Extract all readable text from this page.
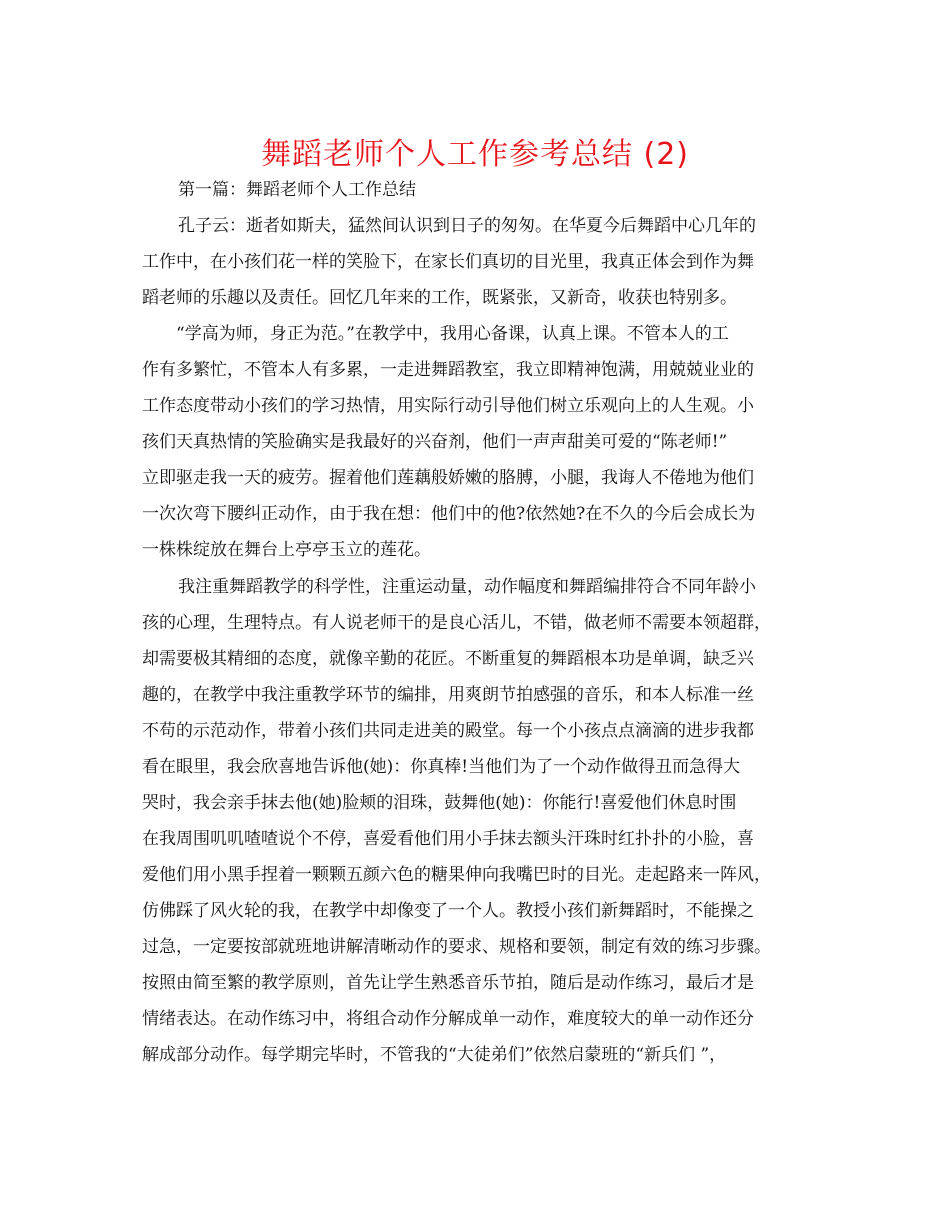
舞蹈老师个人工作参考总结 (2)
第一篇：舞蹈老师个人工作总结
孔子云：逝者如斯夫，猛然间认识到日子的匆匆。在华夏今后舞蹈中心几年的
工作中，在小孩们花一样的笑脸下，在家长们真切的目光里，我真正体会到作为舞
蹈老师的乐趣以及责任。回忆几年来的工作，既紧张，又新奇，收获也特别多。
“学高为师，身正为范。”在教学中，我用心备课，认真上课。不管本人的工
作有多繁忙，不管本人有多累，一走进舞蹈教室，我立即精神饱满，用兢兢业业的
工作态度带动小孩们的学习热情，用实际行动引导他们树立乐观向上的人生观。小
孩们天真热情的笑脸确实是我最好的兴奋剂，他们一声声甜美可爱的“陈老师!”
立即驱走我一天的疲劳。握着他们莲藕般娇嫩的胳膊，小腿，我诲人不倦地为他们
一次次弯下腰纠正动作，由于我在想：他们中的他?依然她?在不久的今后会成长为
一株株绽放在舞台上亭亭玉立的莲花。
我注重舞蹈教学的科学性，注重运动量，动作幅度和舞蹈编排符合不同年龄小
孩的心理，生理特点。有人说老师干的是良心活儿，不错，做老师不需要本领超群，
却需要极其精细的态度，就像辛勤的花匠。不断重复的舞蹈根本功是单调，缺乏兴
趣的，在教学中我注重教学环节的编排，用爽朗节拍感强的音乐，和本人标准一丝
不苟的示范动作，带着小孩们共同走进美的殿堂。每一个小孩点点滴滴的进步我都
看在眼里，我会欣喜地告诉他(她)：你真棒!当他们为了一个动作做得丑而急得大
哭时，我会亲手抹去他(她)脸颊的泪珠，鼓舞他(她)：你能行!喜爱他们休息时围
在我周围叽叽喳喳说个不停，喜爱看他们用小手抹去额头汗珠时红扑扑的小脸，喜
爱他们用小黑手捏着一颗颗五颜六色的糖果伸向我嘴巴时的目光。走起路来一阵风，
仿佛踩了风火轮的我，在教学中却像变了一个人。教授小孩们新舞蹈时，不能操之
过急，一定要按部就班地讲解清晰动作的要求、规格和要领，制定有效的练习步骤。
按照由简至繁的教学原则，首先让学生熟悉音乐节拍，随后是动作练习，最后才是
情绪表达。在动作练习中，将组合动作分解成单一动作，难度较大的单一动作还分
解成部分动作。每学期完毕时，不管我的“大徒弟们”依然启蒙班的“新兵们 ”，
